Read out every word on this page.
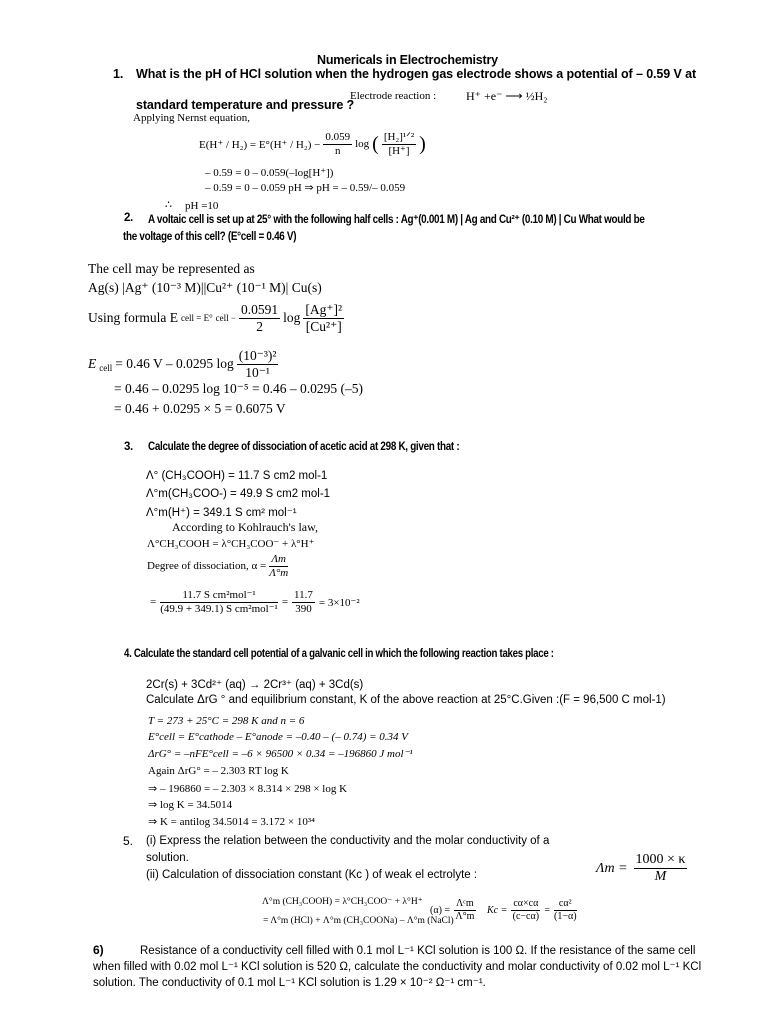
Numericals in Electrochemistry
1. What is the pH of HCl solution when the hydrogen gas electrode shows a potential of – 0.59 V at
standard temperature and pressure ?
Electrode reaction : H⁺ +e⁻ ⟶ ½H₂
Applying Nernst equation,
$E(H^+ / H_2) = E^\circ(H^+ / H_2) - \frac{0.059}{n}$ log ( $\frac{\text{[H₂]¹ᐟ²}}{[H^+]}$ )
– 0.59 = 0 – 0.059(–log[H⁺])
– 0.59 = 0 – 0.059 pH ⇒ pH = – 0.59/– 0.059
∴ pH =10
2. A voltaic cell is set up at 25° with the following half cells : Ag⁺(0.001 M) | Ag and Cu²⁺ (0.10 M) | Cu What would be
the voltage of this cell? (E°cell = 0.46 V)
The cell may be represented as
Ag(s) |Ag⁺ (10⁻³ M)||Cu²⁺ (10⁻¹ M)| Cu(s)
Using formula E cell = E° cell − $\frac{0.0591}{2}$ $\log \frac{\text{[Ag⁺]²}}{\text{[Cu²⁺]}}$
E cell = 0.46 V – 0.0295 $\log \frac{\text{(10⁻³)²}}{\text{10⁻¹}}$
= 0.46 – 0.0295 log 10⁻⁵ = 0.46 – 0.0295 (–5)
= 0.46 + 0.0295 × 5 = 0.6075 V
3. Calculate the degree of dissociation of acetic acid at 298 K, given that :
Λ° (CH₃COOH) = 11.7 S cm2 mol-1
Λ°m(CH₃COO-) = 49.9 S cm2 mol-1
Λ°m(H⁺) = 349.1 S cm² mol⁻¹
According to Kohlrauch's law,
Λ°CH₃COOH = λ°CH₃COO⁻ + λ°H⁺
Degree of dissociation, $\alpha = \frac{\Lambda m}{\Lambda^\circ m}$
= $\frac{\text{11.7 S cm²mol⁻¹}}{\text{(49.9 + 349.1) S cm²mol⁻¹}} = \frac{11.7}{390} = 3\times 10^{-2}$
4. Calculate the standard cell potential of a galvanic cell in which the following reaction takes place :
2Cr(s) + 3Cd²⁺ (aq) → 2Cr³⁺ (aq) + 3Cd(s)
Calculate ΔrG ° and equilibrium constant, K of the above reaction at 25°C.Given :(F = 96,500 C mol-1)
T = 273 + 25°C = 298 K and n = 6
E°cell = E°cathode – E°anode = –0.40 – (– 0.74) = 0.34 V
ΔrG° = –nFE°cell = –6 × 96500 × 0.34 = –196860 J mol⁻¹
Again ΔrG° = – 2.303 RT log K
⇒ – 196860 = – 2.303 × 8.314 × 298 × log K
⇒ log K = 34.5014
⇒ K = antilog 34.5014 = 3.172 × 10³⁴
5. (i) Express the relation between the conductivity and the molar conductivity of a
solution.
(ii) Calculation of dissociation constant (Kc ) of weak el ectrolyte :	$\Lambda m = \frac{1000 \times \kappa}{M}$
Λ°m (CH₃COOH) = λ°CH₃COO⁻ + λ°H⁺
= Λ°m (HCl) + Λ°m (CH₃COONa) – Λ°m (NaCl)
$(\alpha) = \frac{\text{Λᶜm}}{\Lambda^\circ m}$ $Kc = \frac{c\alpha\times c\alpha}{(c-c\alpha)} = \frac{\text{cα²}}{(1-\alpha)}$
6)	Resistance of a conductivity cell filled with 0.1 mol L⁻¹ KCl solution is 100 Ω. If the resistance of the same cell when filled with 0.02 mol L⁻¹ KCl solution is 520 Ω, calculate the conductivity and molar conductivity of 0.02 mol L⁻¹ KCl solution. The conductivity of 0.1 mol L⁻¹ KCl solution is 1.29 × 10⁻² Ω⁻¹ cm⁻¹.
